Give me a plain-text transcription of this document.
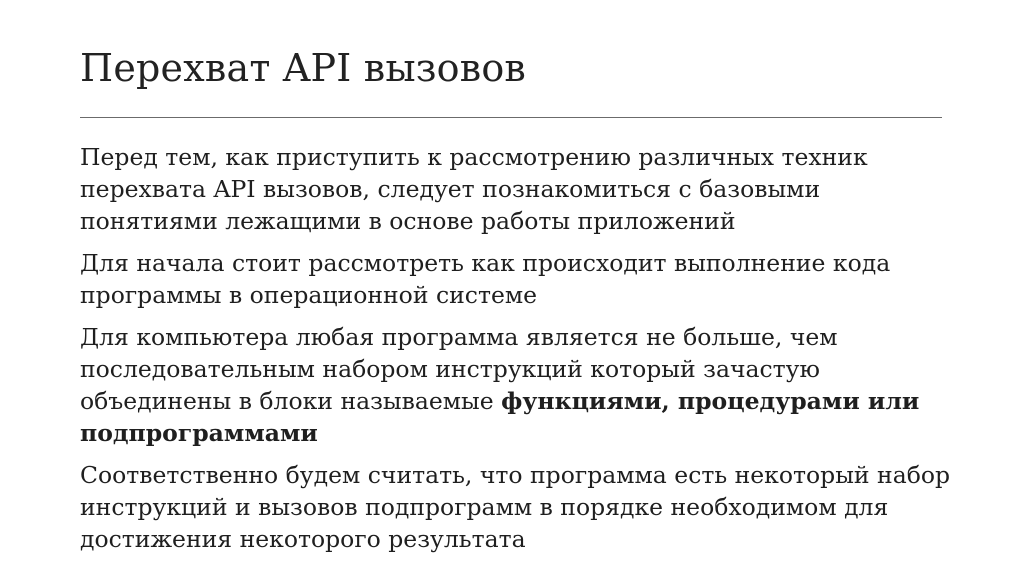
Перехват API вызовов

Перед тем, как приступить к рассмотрению различных техник перехвата API вызовов, следует познакомиться с базовыми понятиями лежащими в основе работы приложений

Для начала стоит рассмотреть как происходит выполнение кода программы в операционной системе

Для компьютера любая программа является не больше, чем последовательным набором инструкций который зачастую объединены в блоки называемые функциями, процедурами или подпрограммами

Соответственно будем считать, что программа есть некоторый набор инструкций и вызовов подпрограмм в порядке необходимом для достижения некоторого результата
